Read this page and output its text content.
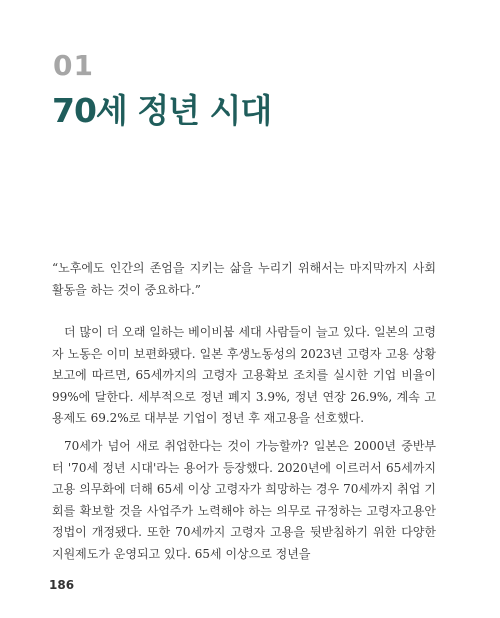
01
70세 정년 시대

“노후에도 인간의 존엄을 지키는 삶을 누리기 위해서는 마지막까지 사회활동을 하는 것이 중요하다.”

더 많이 더 오래 일하는 베이비붐 세대 사람들이 늘고 있다. 일본의 고령자 노동은 이미 보편화됐다. 일본 후생노동성의 2023년 고령자 고용 상황 보고에 따르면, 65세까지의 고령자 고용확보 조치를 실시한 기업 비율이 99%에 달한다. 세부적으로 정년 폐지 3.9%, 정년 연장 26.9%, 계속 고용제도 69.2%로 대부분 기업이 정년 후 재고용을 선호했다.

70세가 넘어 새로 취업한다는 것이 가능할까? 일본은 2000년 중반부터 '70세 정년 시대'라는 용어가 등장했다. 2020년에 이르러서 65세까지 고용 의무화에 더해 65세 이상 고령자가 희망하는 경우 70세까지 취업 기회를 확보할 것을 사업주가 노력해야 하는 의무로 규정하는 고령자고용안정법이 개정됐다. 또한 70세까지 고령자 고용을 뒷받침하기 위한 다양한 지원제도가 운영되고 있다. 65세 이상으로 정년을

186
